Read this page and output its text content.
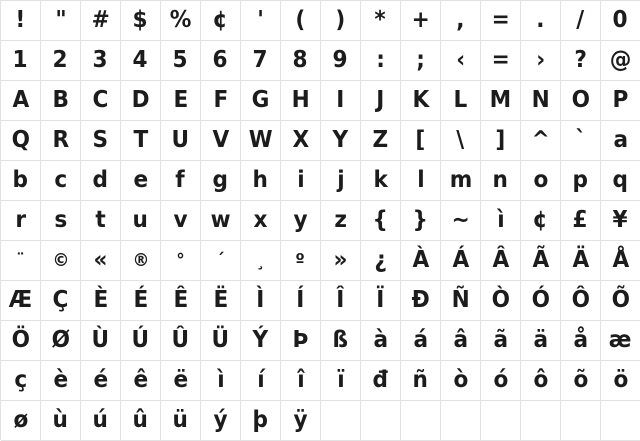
! " # $ % ¢ ' ( ) * + , = . / 0
1 2 3 4 5 6 7 8 9 : ; ‹ = › ? @
A B C D E F G H I J K L M N O P
Q R S T U V W X Y Z [ \ ] ^ ` a
b c d e f g h i j k l m n o p q
r s t u v w x y z { } ~ ì ¢ £ ¥
¨ © « ® ° ´ ¸ º » ¿ À Á Â Ã Ä Å
Æ Ç È É Ê Ë Ì Í Î Ï Ð Ñ Ò Ó Ô Õ
Ö Ø Ù Ú Û Ü Ý Þ ß à á â ã ä å æ
ç è é ê ë ì í î ï đ ñ ò ó ô õ ö
ø ù ú û ü ý þ ÿ
